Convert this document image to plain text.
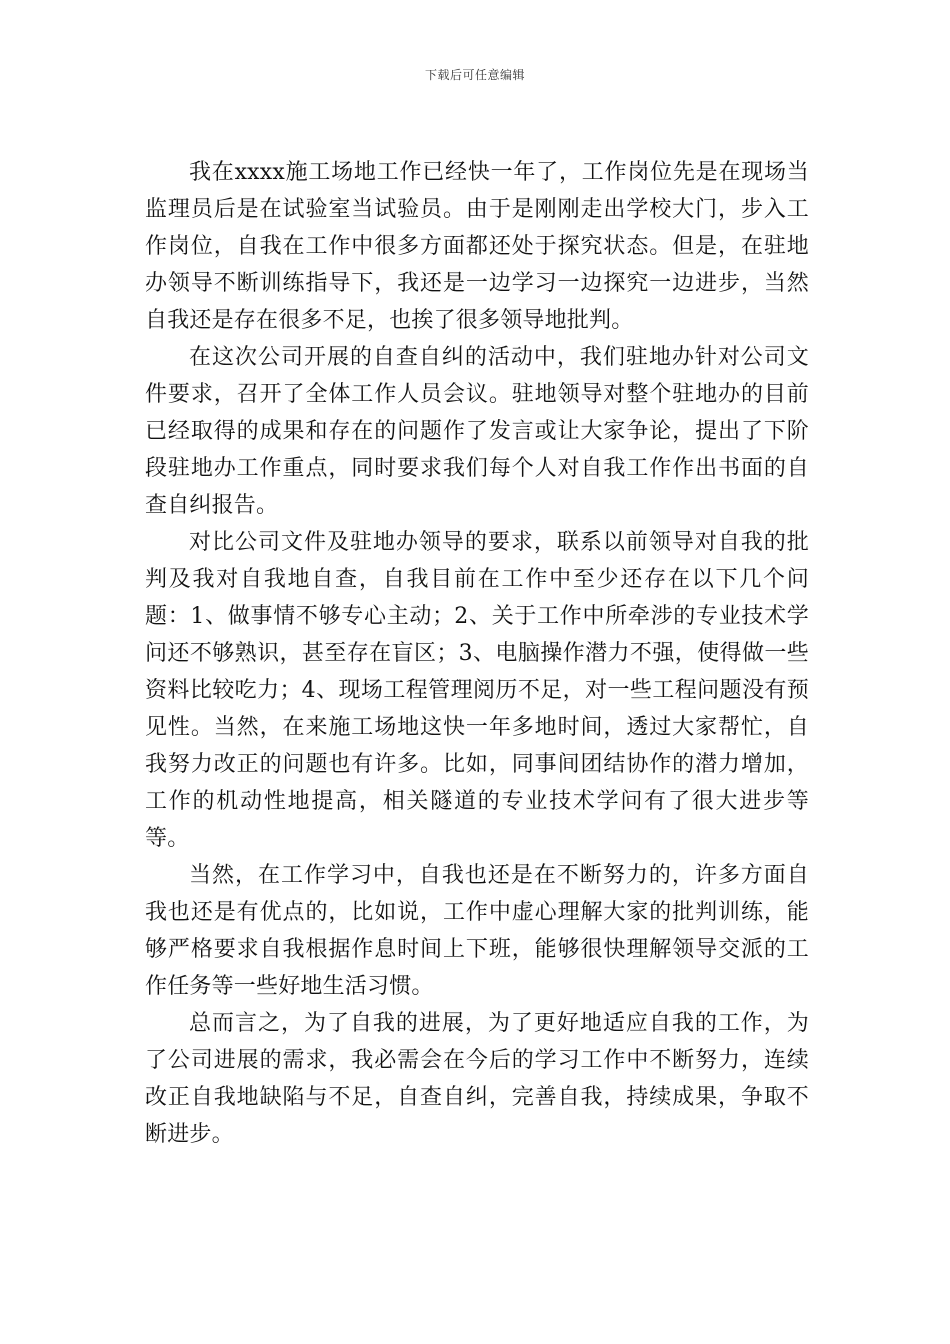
下载后可任意编辑

我在xxxx施工场地工作已经快一年了，工作岗位先是在现场当监理员后是在试验室当试验员。由于是刚刚走出学校大门，步入工作岗位，自我在工作中很多方面都还处于探究状态。但是，在驻地办领导不断训练指导下，我还是一边学习一边探究一边进步，当然自我还是存在很多不足，也挨了很多领导地批判。

在这次公司开展的自查自纠的活动中，我们驻地办针对公司文件要求，召开了全体工作人员会议。驻地领导对整个驻地办的目前已经取得的成果和存在的问题作了发言或让大家争论，提出了下阶段驻地办工作重点，同时要求我们每个人对自我工作作出书面的自查自纠报告。

对比公司文件及驻地办领导的要求，联系以前领导对自我的批判及我对自我地自查，自我目前在工作中至少还存在以下几个问题：1、做事情不够专心主动；2、关于工作中所牵涉的专业技术学问还不够熟识，甚至存在盲区；3、电脑操作潜力不强，使得做一些资料比较吃力；4、现场工程管理阅历不足，对一些工程问题没有预见性。当然，在来施工场地这快一年多地时间，透过大家帮忙，自我努力改正的问题也有许多。比如，同事间团结协作的潜力增加，工作的机动性地提高，相关隧道的专业技术学问有了很大进步等等。

当然，在工作学习中，自我也还是在不断努力的，许多方面自我也还是有优点的，比如说，工作中虚心理解大家的批判训练，能够严格要求自我根据作息时间上下班，能够很快理解领导交派的工作任务等一些好地生活习惯。

总而言之，为了自我的进展，为了更好地适应自我的工作，为了公司进展的需求，我必需会在今后的学习工作中不断努力，连续改正自我地缺陷与不足，自查自纠，完善自我，持续成果，争取不断进步。
